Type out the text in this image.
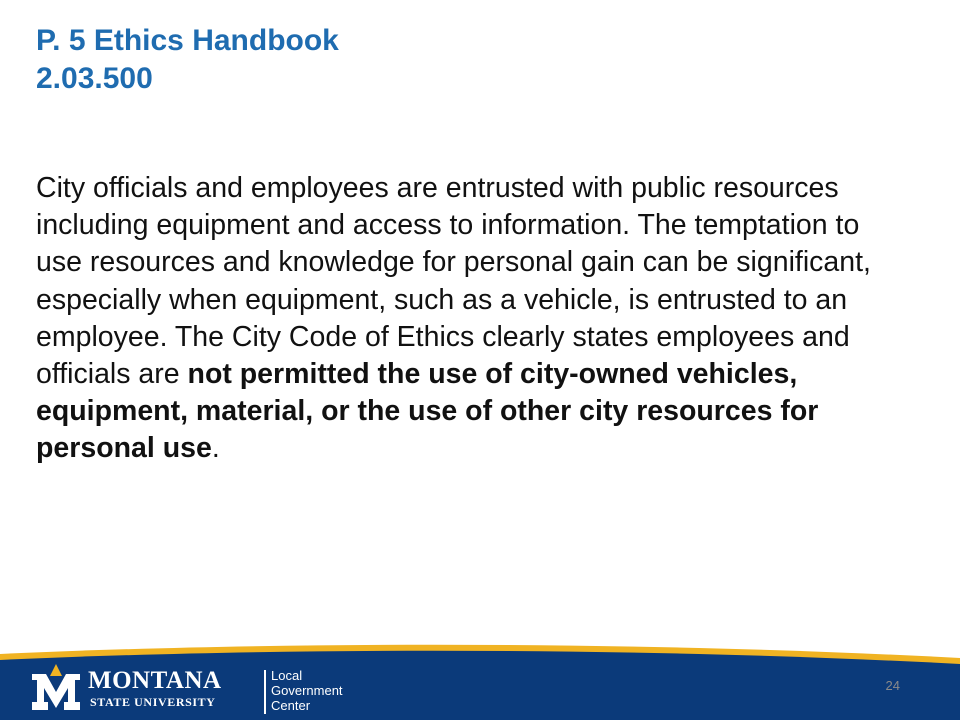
P. 5 Ethics Handbook
2.03.500
City officials and employees are entrusted with public resources including equipment and access to information. The temptation to use resources and knowledge for personal gain can be significant, especially when equipment, such as a vehicle, is entrusted to an employee. The City Code of Ethics clearly states employees and officials are not permitted the use of city-owned vehicles, equipment, material, or the use of other city resources for personal use.
MONTANA
STATE UNIVERSITY
Local
Government
Center
24
